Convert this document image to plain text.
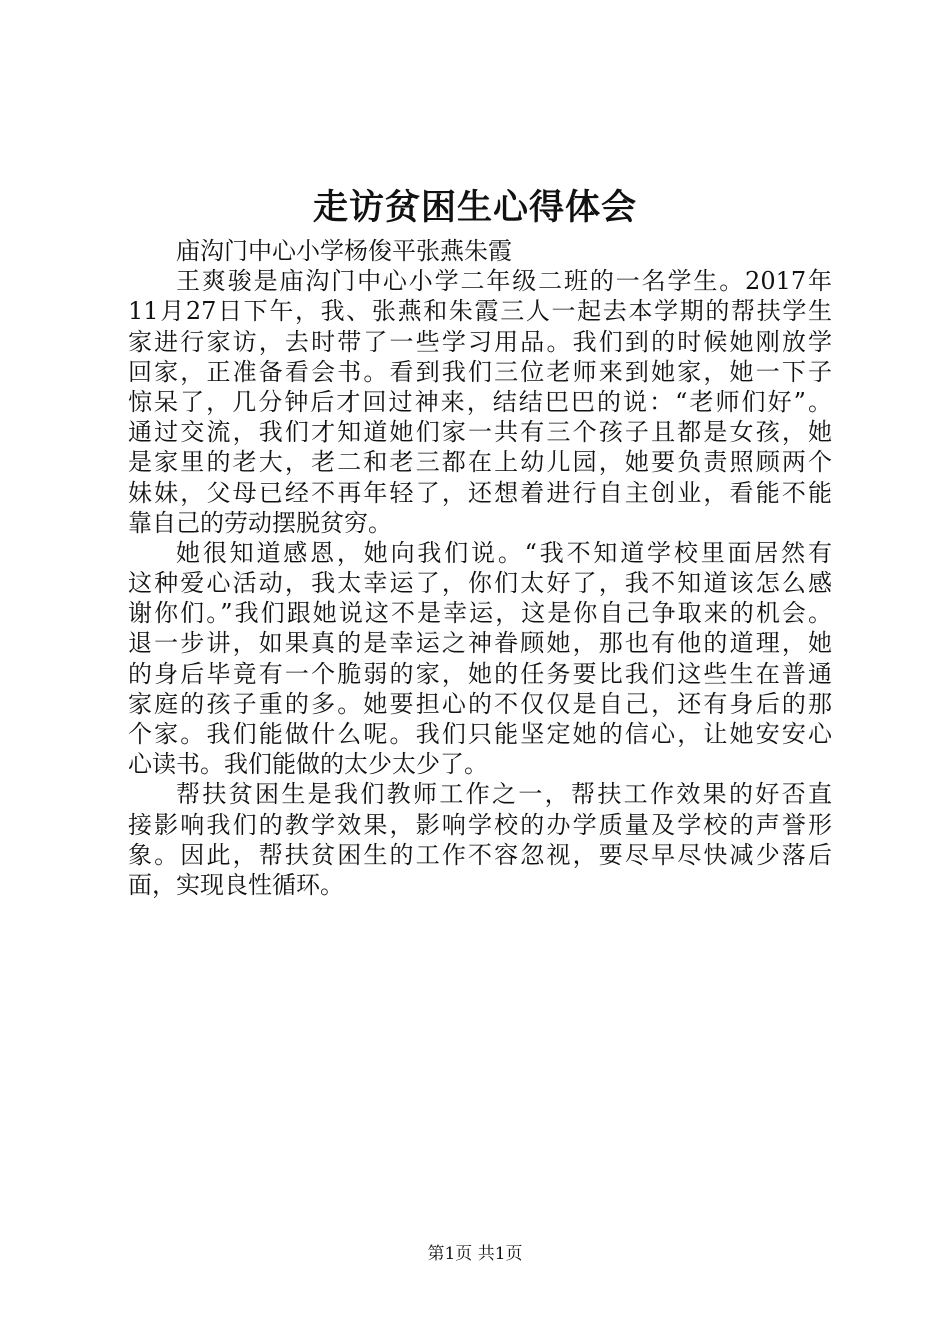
走访贫困生心得体会
庙沟门中心小学杨俊平张燕朱霞
王爽骏是庙沟门中心小学二年级二班的一名学生。2017年
11月27日下午，我、张燕和朱霞三人一起去本学期的帮扶学生
家进行家访，去时带了一些学习用品。我们到的时候她刚放学
回家，正准备看会书。看到我们三位老师来到她家，她一下子
惊呆了，几分钟后才回过神来，结结巴巴的说：“老师们好”。
通过交流，我们才知道她们家一共有三个孩子且都是女孩，她
是家里的老大，老二和老三都在上幼儿园，她要负责照顾两个
妹妹，父母已经不再年轻了，还想着进行自主创业，看能不能
靠自己的劳动摆脱贫穷。
她很知道感恩，她向我们说。“我不知道学校里面居然有
这种爱心活动，我太幸运了，你们太好了，我不知道该怎么感
谢你们。”我们跟她说这不是幸运，这是你自己争取来的机会。
退一步讲，如果真的是幸运之神眷顾她，那也有他的道理，她
的身后毕竟有一个脆弱的家，她的任务要比我们这些生在普通
家庭的孩子重的多。她要担心的不仅仅是自己，还有身后的那
个家。我们能做什么呢。我们只能坚定她的信心，让她安安心
心读书。我们能做的太少太少了。
帮扶贫困生是我们教师工作之一，帮扶工作效果的好否直
接影响我们的教学效果，影响学校的办学质量及学校的声誉形
象。因此，帮扶贫困生的工作不容忽视，要尽早尽快减少落后
面，实现良性循环。
第1页 共1页
